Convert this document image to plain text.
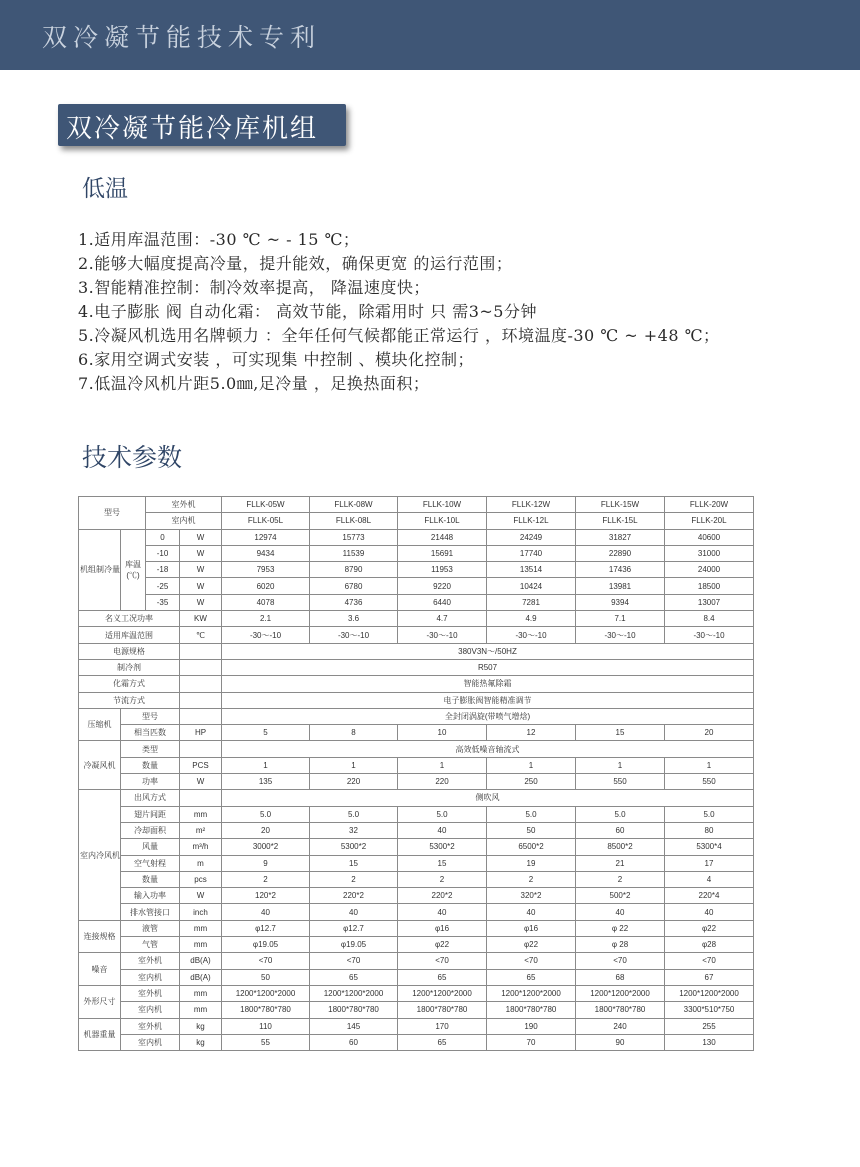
双冷凝节能技术专利
双冷凝节能冷库机组
低温
1.适用库温范围：-30 ℃ ~ - 15 ℃；
2.能够大幅度提高冷量，提升能效，确保更宽 的运行范围；
3.智能精准控制：制冷效率提高， 降温速度快；
4.电子膨胀 阀 自动化霜： 高效节能，除霜用时 只 需3~5分钟
5.冷凝风机选用名牌顿力 ：全年任何气候都能正常运行 ，环境温度-30 ℃ ~ +48 ℃；
6.家用空调式安装 ，可实现集 中控制 、模块化控制；
7.低温冷风机片距5.0㎜,足冷量 ，足换热面积；
技术参数
型号		室外机		FLLK-05W	FLLK-08W	FLLK-10W	FLLK-12W	FLLK-15W	FLLK-20W
		室内机		FLLK-05L	FLLK-08L	FLLK-10L	FLLK-12L	FLLK-15L	FLLK-20L
机组制冷量	库温(℃)	0	W	12974	15773	21448	24249	31827	40600
		-10	W	9434	11539	15691	17740	22890	31000
		-18	W	7953	8790	11953	13514	17436	24000
		-25	W	6020	6780	9220	10424	13981	18500
		-35	W	4078	4736	6440	7281	9394	13007
名义工况功率			KW	2.1	3.6	4.7	4.9	7.1	8.4
适用库温范围			℃	-30～-10	-30～-10	-30～-10	-30～-10	-30～-10	-30～-10
电源规格				380V3N～/50HZ					
制冷剂				R507					
化霜方式				智能热氟除霜					
节流方式				电子膨胀阀智能精准调节					
压缩机	型号			全封闭涡旋(带喷气增焓)					
	相当匹数		HP	5	8	10	12	15	20
冷凝风机	类型			高效低噪音轴流式					
	数量		PCS	1	1	1	1	1	1
	功率		W	135	220	220	250	550	550
室内冷风机	出风方式			侧吹风					
	翅片间距		mm	5.0	5.0	5.0	5.0	5.0	5.0
	冷却面积		m²	20	32	40	50	60	80
	风量		m³/h	3000*2	5300*2	5300*2	6500*2	8500*2	5300*4
	空气射程		m	9	15	15	19	21	17
	数量		pcs	2	2	2	2	2	4
	输入功率		W	120*2	220*2	220*2	320*2	500*2	220*4
	排水管接口		inch	40	40	40	40	40	40
连接规格	液管		mm	φ12.7	φ12.7	φ16	φ16	φ 22	φ22
	气管		mm	φ19.05	φ19.05	φ22	φ22	φ 28	φ28
噪音	室外机		dB(A)	<70	<70	<70	<70	<70	<70
	室内机		dB(A)	50	65	65	65	68	67
外形尺寸	室外机		mm	1200*1200*2000	1200*1200*2000	1200*1200*2000	1200*1200*2000	1200*1200*2000	1200*1200*2000
	室内机		mm	1800*780*780	1800*780*780	1800*780*780	1800*780*780	1800*780*780	3300*510*750
机器重量	室外机		kg	110	145	170	190	240	255
	室内机		kg	55	60	65	70	90	130
